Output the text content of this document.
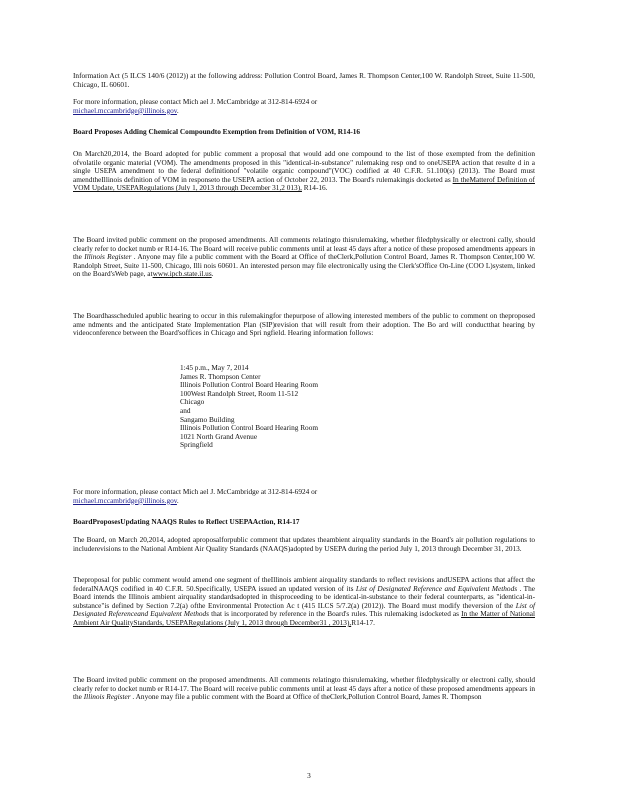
Information Act (5 ILCS 140/6 (2012)) at the following address: Pollution Control Board, James R. Thompson Center,100 W. Randolph Street, Suite 11-500, Chicago, IL 60601.

For more information, please contact Mich ael J. McCambridge at 312-814-6924 or
michael.mccambridge@illinois.gov.

Board Proposes Adding Chemical Compoundto Exemption from Definition of VOM, R14-16

On March20,2014, the Board adopted for public comment a proposal that would add one compound to the list of those exempted from the definition ofvolatile organic material (VOM). The amendments proposed in this "identical-in-substance" rulemaking resp ond to oneUSEPA action that resulte d in a single USEPA amendment to the federal definitionof "volatile organic compound"(VOC) codified at 40 C.F.R. 51.100(s) (2013). The Board must amendtheIllinois definition of VOM in responseto the USEPA action of October 22, 2013. The Board's rulemakingis docketed as In theMatterof Definition of VOM Update, USEPARegulations (July 1, 2013 through December 31,2 013), R14-16.

The Board invited public comment on the proposed amendments. All comments relatingto thisrulemaking, whether filedphysically or electroni cally, should clearly refer to docket numb er R14-16. The Board will receive public comments until at least 45 days after a notice of these proposed amendments appears in the Illinois Register . Anyone may file a public comment with the Board at Office of theClerk,Pollution Control Board, James R. Thompson Center,100 W. Randolph Street, Suite 11-500, Chicago, Illi nois 60601. An interested person may file electronically using the Clerk'sOffice On-Line (COO L)system, linked on the Board'sWeb page, atwww.ipcb.state.il.us.

The Boardhasscheduled apublic hearing to occur in this rulemakingfor thepurpose of allowing interested members of the public to comment on theproposed ame ndments and the anticipated State Implementation Plan (SIP)revision that will result from their adoption. The Bo ard will conductthat hearing by videoconference between the Board'soffices in Chicago and Spri ngfield. Hearing information follows:

1:45 p.m., May 7, 2014
James R. Thompson Center
Illinois Pollution Control Board Hearing Room
100West Randolph Street, Room 11-512
Chicago
and
Sangamo Building
Illinois Pollution Control Board Hearing Room
1021 North Grand Avenue
Springfield

For more information, please contact Mich ael J. McCambridge at 312-814-6924 or
michael.mccambridge@illinois.gov.

BoardProposesUpdating NAAQS Rules to Reflect USEPAAction, R14-17

The Board, on March 20,2014, adopted aproposalforpublic comment that updates theambient airquality standards in the Board's air pollution regulations to includerevisions to the National Ambient Air Quality Standards (NAAQS)adopted by USEPA during the period July 1, 2013 through December 31, 2013.

Theproposal for public comment would amend one segment of theIllinois ambient airquality standards to reflect revisions andUSEPA actions that affect the federalNAAQS codified in 40 C.F.R. 50.Specifically, USEPA issued an updated version of its List of Designated Reference and Equivalent Methods . The Board intends the Illinois ambient airquality standardsadopted in thisproceeding to be identical-in-substance to their federal counterparts, as "identical-in-substance"is defined by Section 7.2(a) ofthe Environmental Protection Ac t (415 ILCS 5/7.2(a) (2012)). The Board must modify theversion of the List of Designated Referenceand Equivalent Methods that is incorporated by reference in the Board's rules. This rulemaking isdocketed as In the Matter of National Ambient Air QualityStandards, USEPARegulations (July 1, 2013 through December31 , 2013),R14-17.

The Board invited public comment on the proposed amendments. All comments relatingto thisrulemaking, whether filedphysically or electroni cally, should clearly refer to docket numb er R14-17. The Board will receive public comments until at least 45 days after a notice of these proposed amendments appears in the Illinois Register . Anyone may file a public comment with the Board at Office of theClerk,Pollution Control Board, James R. Thompson

3
